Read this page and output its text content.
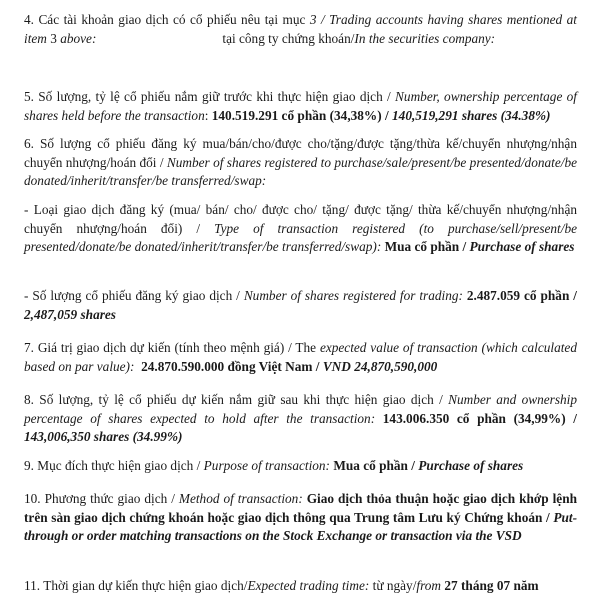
4. Các tài khoản giao dịch có cổ phiếu nêu tại mục 3 / Trading accounts having shares mentioned at item 3 above:	tại công ty chứng khoán/In the securities company:

5. Số lượng, tỷ lệ cổ phiếu nắm giữ trước khi thực hiện giao dịch / Number, ownership percentage of shares held before the transaction: 140.519.291 cổ phần (34,38%) / 140,519,291 shares (34.38%)

6. Số lượng cổ phiếu đăng ký mua/bán/cho/được cho/tặng/được tặng/thừa kế/chuyển nhượng/nhận chuyển nhượng/hoán đổi / Number of shares registered to purchase/sale/present/be presented/donate/be donated/inherit/transfer/be transferred/swap:

- Loại giao dịch đăng ký (mua/ bán/ cho/ được cho/ tặng/ được tặng/ thừa kế/chuyển nhượng/nhận chuyển nhượng/hoán đổi) / Type of transaction registered (to purchase/sell/present/be presented/donate/be donated/inherit/transfer/be transferred/swap): Mua cổ phần / Purchase of shares

- Số lượng cổ phiếu đăng ký giao dịch / Number of shares registered for trading: 2.487.059 cổ phần / 2,487,059 shares

7. Giá trị giao dịch dự kiến (tính theo mệnh giá) / The expected value of transaction (which calculated based on par value):  24.870.590.000 đồng Việt Nam / VND 24,870,590,000

8. Số lượng, tỷ lệ cổ phiếu dự kiến nắm giữ sau khi thực hiện giao dịch / Number and ownership percentage of shares expected to hold after the transaction: 143.006.350 cổ phần (34,99%) / 143,006,350 shares (34.99%)

9. Mục đích thực hiện giao dịch / Purpose of transaction: Mua cổ phần / Purchase of shares

10. Phương thức giao dịch / Method of transaction: Giao dịch thỏa thuận hoặc giao dịch khớp lệnh trên sàn giao dịch chứng khoán hoặc giao dịch thông qua Trung tâm Lưu ký Chứng khoán / Put-through or order matching transactions on the Stock Exchange or transaction via the VSD

11. Thời gian dự kiến thực hiện giao dịch/Expected trading time: từ ngày/from 27 tháng 07 năm
